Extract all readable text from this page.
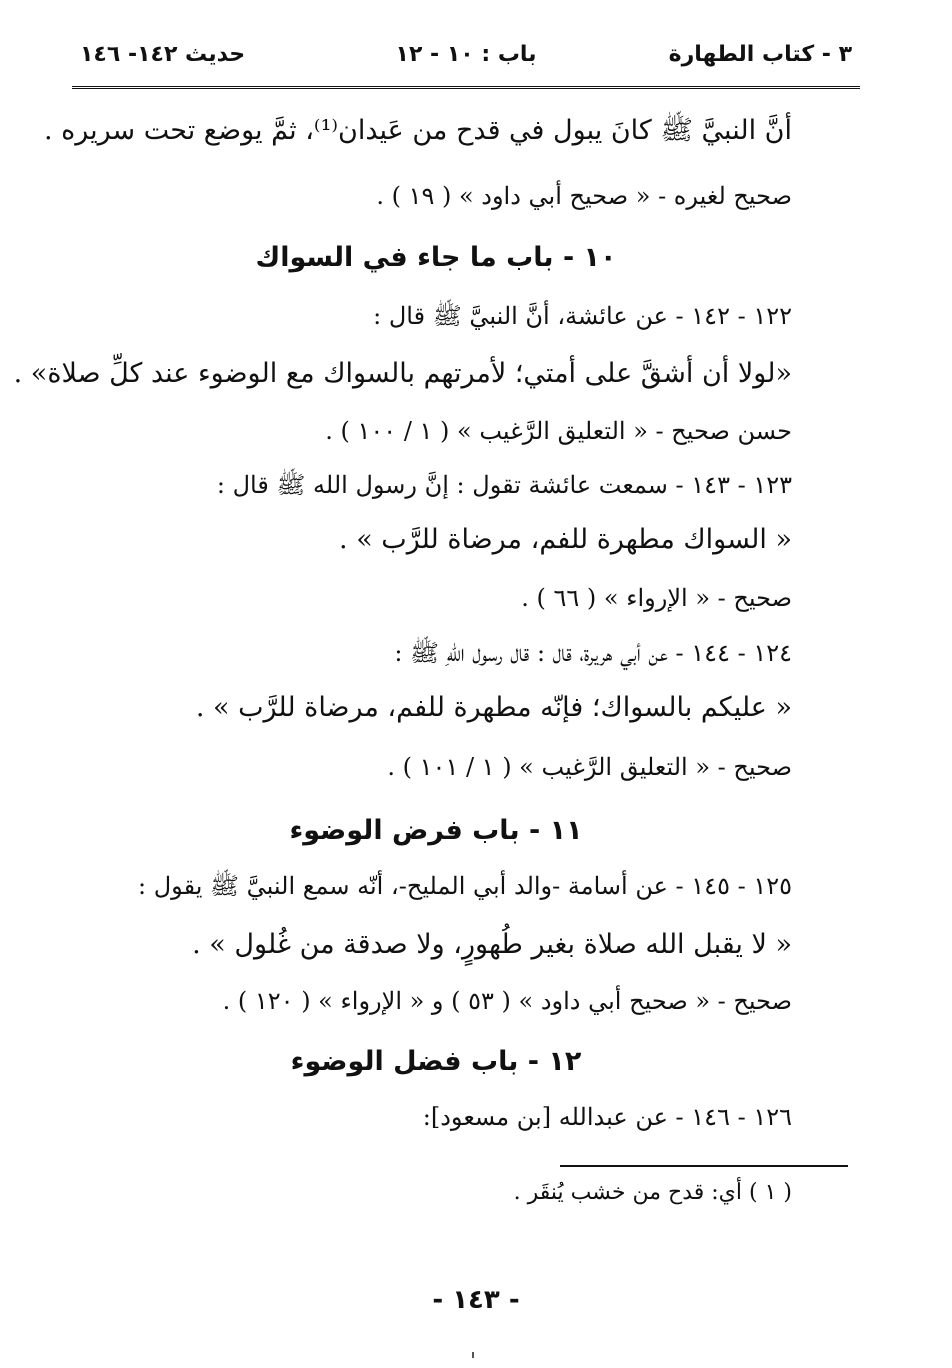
٣ - كتاب الطهارة
باب : ١٠ - ١٢
حديث ١٤٢- ١٤٦
أنَّ النبيَّ ﷺ كانَ يبول في قدح من عَيدان⁽¹⁾، ثمَّ يوضع تحت سريره .
صحيح لغيره - « صحيح أبي داود » ( ١٩ ) .
١٠ - باب ما جاء في السواك
١٢٢ - ١٤٢ - عن عائشة، أنَّ النبيَّ ﷺ قال :
«لولا أن أشقَّ على أمتي؛ لأمرتهم بالسواك مع الوضوء عند كلِّ صلاة» .
حسن صحيح - « التعليق الرَّغيب » ( ١ / ١٠٠ ) .
١٢٣ - ١٤٣ - سمعت عائشة تقول : إنَّ رسول الله ﷺ قال :
« السواك مطهرة للفم، مرضاة للرَّب » .
صحيح - « الإرواء » ( ٦٦ ) .
١٢٤ - ١٤٤ - عن أبي هريرة، قال : قال رسول اللهِ ﷺ :
« عليكم بالسواك؛ فإنّه مطهرة للفم، مرضاة للرَّب » .
صحيح - « التعليق الرَّغيب » ( ١ / ١٠١ ) .
١١ - باب فرض الوضوء
١٢٥ - ١٤٥ - عن أسامة -والد أبي المليح-، أنّه سمع النبيَّ ﷺ يقول :
« لا يقبل الله صلاة بغير طُهورٍ، ولا صدقة من غُلول » .
صحيح - « صحيح أبي داود » ( ٥٣ ) و « الإرواء » ( ١٢٠ ) .
١٢ - باب فضل الوضوء
١٢٦ - ١٤٦ - عن عبدالله [بن مسعود]:
( ١ ) أي: قدح من خشب يُنقَر .
- ١٤٣ -
